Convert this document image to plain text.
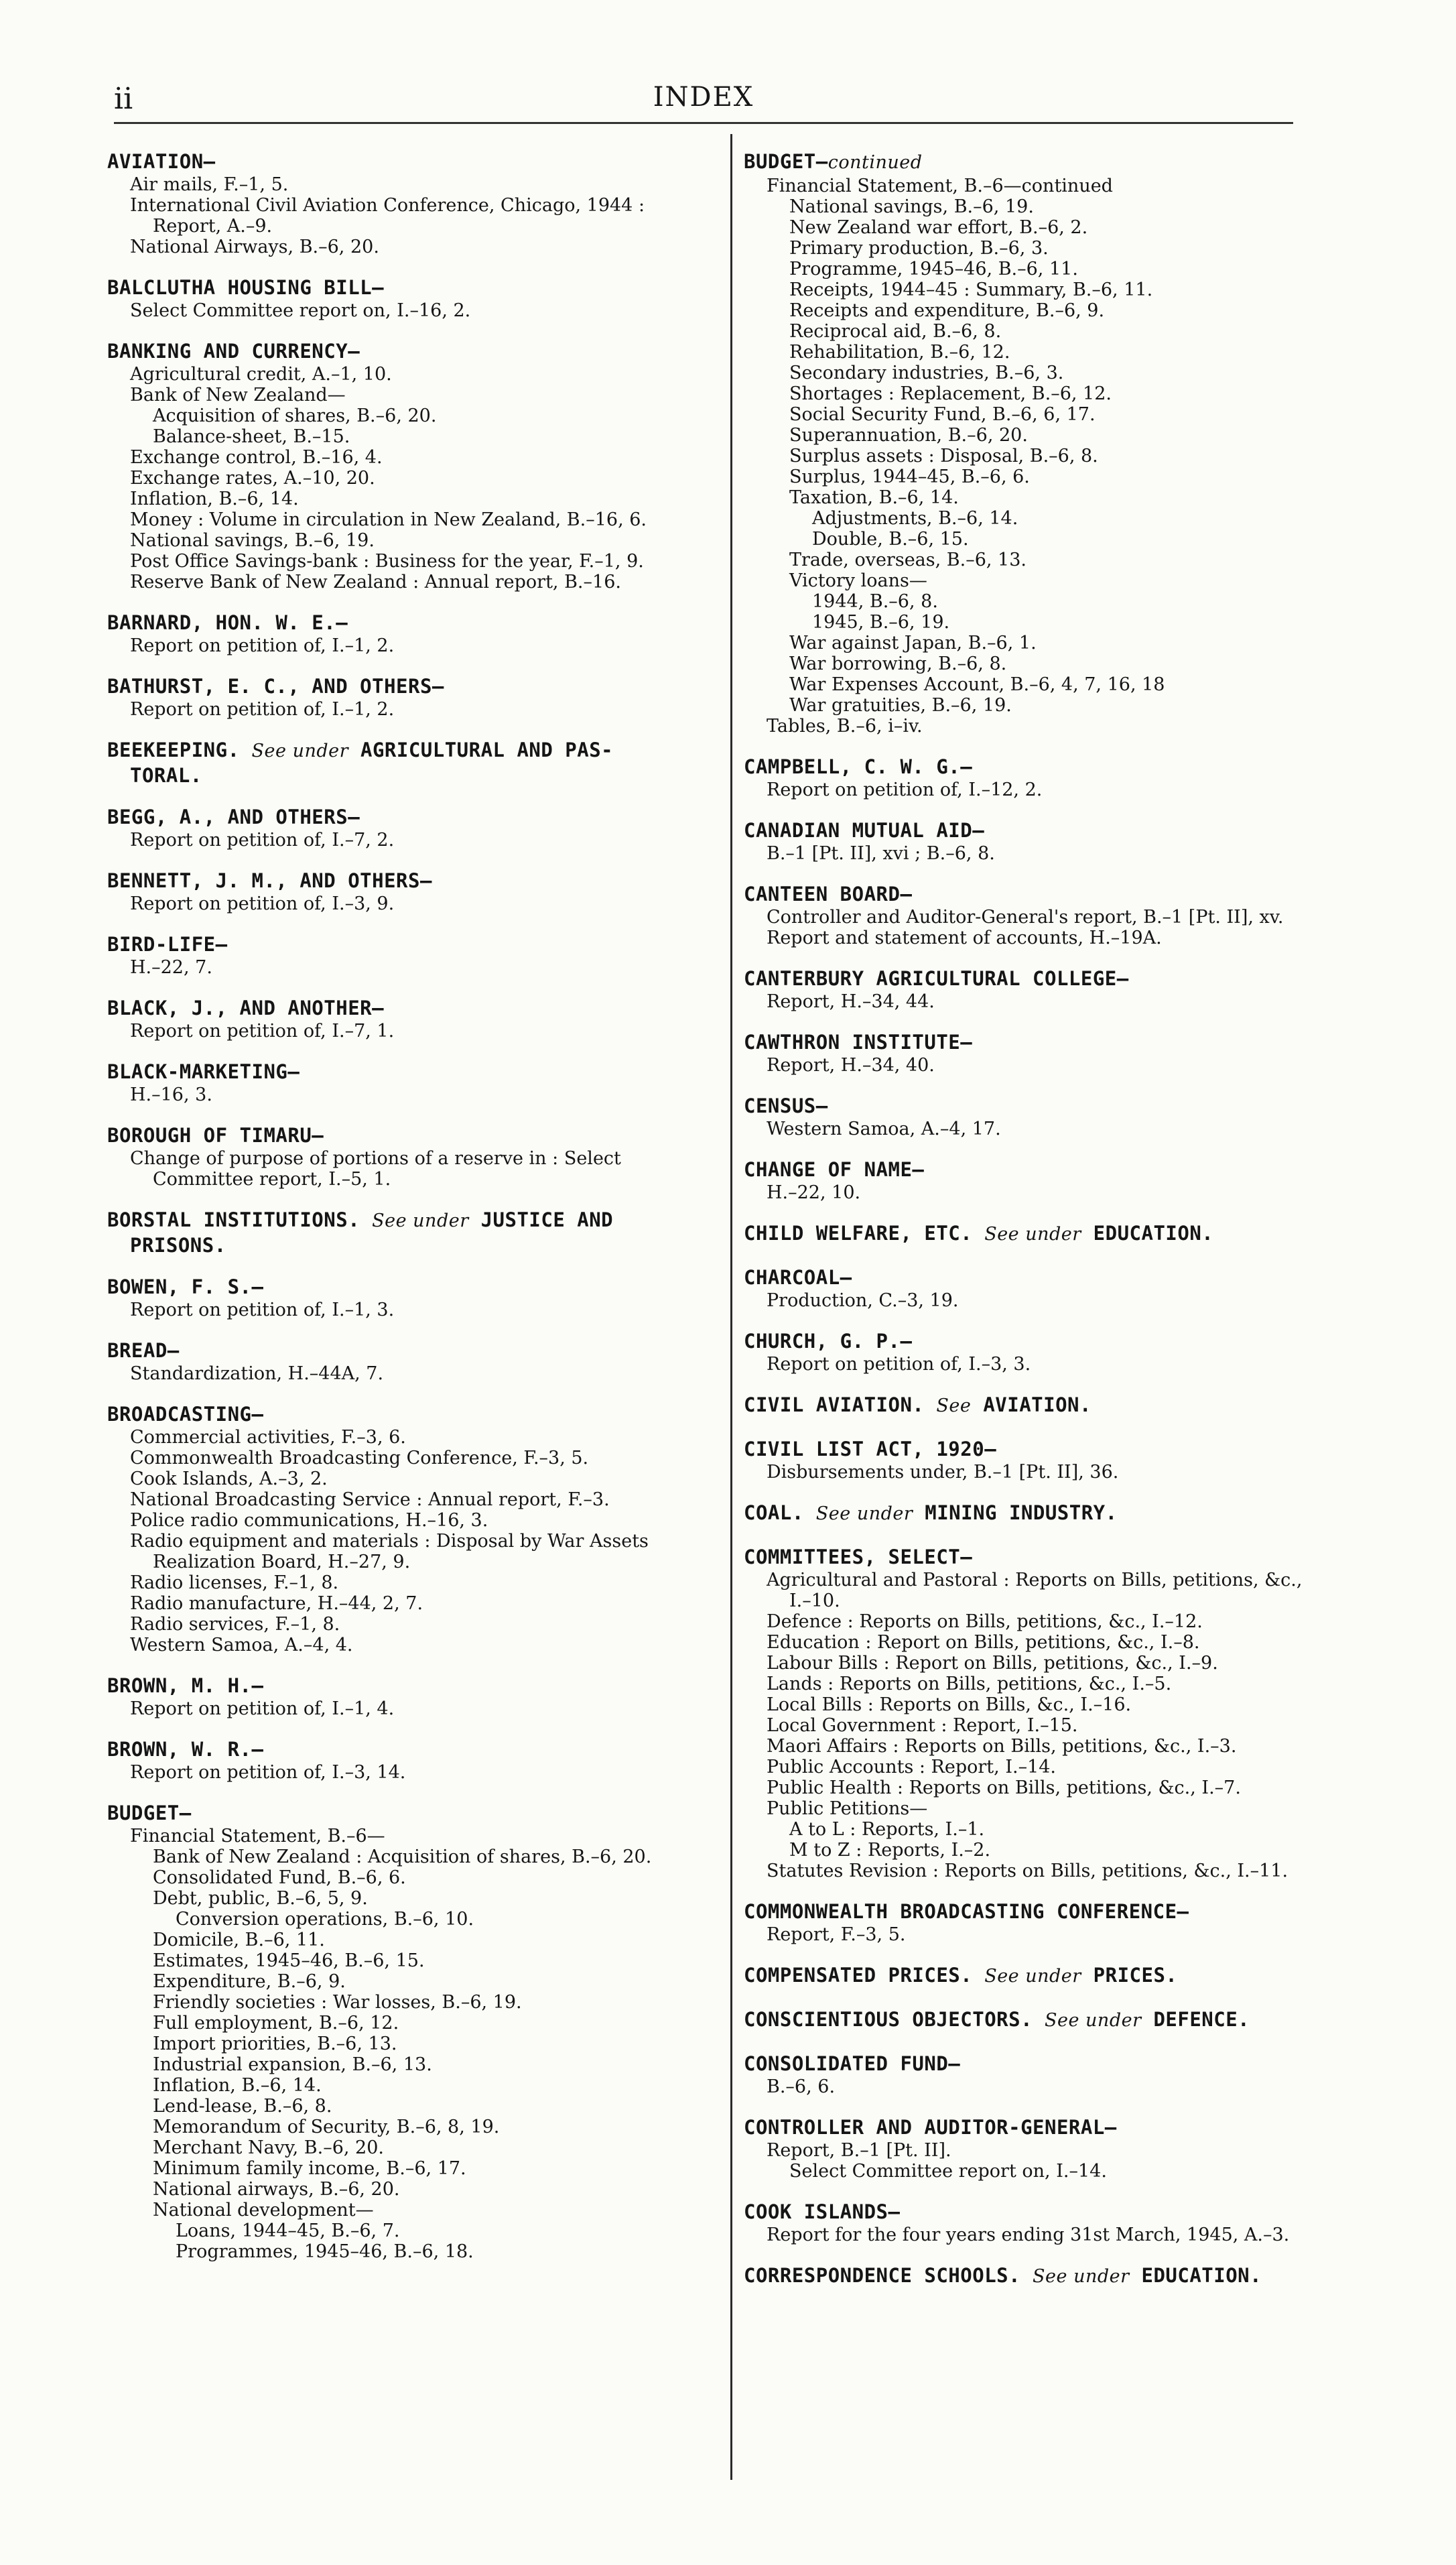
ii	INDEX
AVIATION—
Air mails, F.–1, 5.
International Civil Aviation Conference, Chicago, 1944 :
Report, A.–9.
National Airways, B.–6, 20.
BALCLUTHA HOUSING BILL—
Select Committee report on, I.–16, 2.
BANKING AND CURRENCY—
Agricultural credit, A.–1, 10.
Bank of New Zealand—
Acquisition of shares, B.–6, 20.
Balance-sheet, B.–15.
Exchange control, B.–16, 4.
Exchange rates, A.–10, 20.
Inflation, B.–6, 14.
Money : Volume in circulation in New Zealand, B.–16, 6.
National savings, B.–6, 19.
Post Office Savings-bank : Business for the year, F.–1, 9.
Reserve Bank of New Zealand : Annual report, B.–16.
BARNARD, HON. W. E.—
Report on petition of, I.–1, 2.
BATHURST, E. C., AND OTHERS—
Report on petition of, I.–1, 2.
BEEKEEPING. See under AGRICULTURAL AND PAS-
TORAL.
BEGG, A., AND OTHERS—
Report on petition of, I.–7, 2.
BENNETT, J. M., AND OTHERS—
Report on petition of, I.–3, 9.
BIRD-LIFE—
H.–22, 7.
BLACK, J., AND ANOTHER—
Report on petition of, I.–7, 1.
BLACK-MARKETING—
H.–16, 3.
BOROUGH OF TIMARU—
Change of purpose of portions of a reserve in : Select
Committee report, I.–5, 1.
BORSTAL INSTITUTIONS. See under JUSTICE AND
PRISONS.
BOWEN, F. S.—
Report on petition of, I.–1, 3.
BREAD—
Standardization, H.–44A, 7.
BROADCASTING—
Commercial activities, F.–3, 6.
Commonwealth Broadcasting Conference, F.–3, 5.
Cook Islands, A.–3, 2.
National Broadcasting Service : Annual report, F.–3.
Police radio communications, H.–16, 3.
Radio equipment and materials : Disposal by War Assets
Realization Board, H.–27, 9.
Radio licenses, F.–1, 8.
Radio manufacture, H.–44, 2, 7.
Radio services, F.–1, 8.
Western Samoa, A.–4, 4.
BROWN, M. H.—
Report on petition of, I.–1, 4.
BROWN, W. R.—
Report on petition of, I.–3, 14.
BUDGET—
Financial Statement, B.–6—
Bank of New Zealand : Acquisition of shares, B.–6, 20.
Consolidated Fund, B.–6, 6.
Debt, public, B.–6, 5, 9.
Conversion operations, B.–6, 10.
Domicile, B.–6, 11.
Estimates, 1945–46, B.–6, 15.
Expenditure, B.–6, 9.
Friendly societies : War losses, B.–6, 19.
Full employment, B.–6, 12.
Import priorities, B.–6, 13.
Industrial expansion, B.–6, 13.
Inflation, B.–6, 14.
Lend-lease, B.–6, 8.
Memorandum of Security, B.–6, 8, 19.
Merchant Navy, B.–6, 20.
Minimum family income, B.–6, 17.
National airways, B.–6, 20.
National development—
Loans, 1944–45, B.–6, 7.
Programmes, 1945–46, B.–6, 18.
BUDGET—continued
Financial Statement, B.–6—continued
National savings, B.–6, 19.
New Zealand war effort, B.–6, 2.
Primary production, B.–6, 3.
Programme, 1945–46, B.–6, 11.
Receipts, 1944–45 : Summary, B.–6, 11.
Receipts and expenditure, B.–6, 9.
Reciprocal aid, B.–6, 8.
Rehabilitation, B.–6, 12.
Secondary industries, B.–6, 3.
Shortages : Replacement, B.–6, 12.
Social Security Fund, B.–6, 6, 17.
Superannuation, B.–6, 20.
Surplus assets : Disposal, B.–6, 8.
Surplus, 1944–45, B.–6, 6.
Taxation, B.–6, 14.
Adjustments, B.–6, 14.
Double, B.–6, 15.
Trade, overseas, B.–6, 13.
Victory loans—
1944, B.–6, 8.
1945, B.–6, 19.
War against Japan, B.–6, 1.
War borrowing, B.–6, 8.
War Expenses Account, B.–6, 4, 7, 16, 18
War gratuities, B.–6, 19.
Tables, B.–6, i–iv.
CAMPBELL, C. W. G.—
Report on petition of, I.–12, 2.
CANADIAN MUTUAL AID—
B.–1 [Pt. II], xvi ; B.–6, 8.
CANTEEN BOARD—
Controller and Auditor-General's report, B.–1 [Pt. II], xv.
Report and statement of accounts, H.–19A.
CANTERBURY AGRICULTURAL COLLEGE—
Report, H.–34, 44.
CAWTHRON INSTITUTE—
Report, H.–34, 40.
CENSUS—
Western Samoa, A.–4, 17.
CHANGE OF NAME—
H.–22, 10.
CHILD WELFARE, ETC. See under EDUCATION.
CHARCOAL—
Production, C.–3, 19.
CHURCH, G. P.—
Report on petition of, I.–3, 3.
CIVIL AVIATION. See AVIATION.
CIVIL LIST ACT, 1920—
Disbursements under, B.–1 [Pt. II], 36.
COAL. See under MINING INDUSTRY.
COMMITTEES, SELECT—
Agricultural and Pastoral : Reports on Bills, petitions, &c.,
I.–10.
Defence : Reports on Bills, petitions, &c., I.–12.
Education : Report on Bills, petitions, &c., I.–8.
Labour Bills : Report on Bills, petitions, &c., I.–9.
Lands : Reports on Bills, petitions, &c., I.–5.
Local Bills : Reports on Bills, &c., I.–16.
Local Government : Report, I.–15.
Maori Affairs : Reports on Bills, petitions, &c., I.–3.
Public Accounts : Report, I.–14.
Public Health : Reports on Bills, petitions, &c., I.–7.
Public Petitions—
A to L : Reports, I.–1.
M to Z : Reports, I.–2.
Statutes Revision : Reports on Bills, petitions, &c., I.–11.
COMMONWEALTH BROADCASTING CONFERENCE—
Report, F.–3, 5.
COMPENSATED PRICES. See under PRICES.
CONSCIENTIOUS OBJECTORS. See under DEFENCE.
CONSOLIDATED FUND—
B.–6, 6.
CONTROLLER AND AUDITOR-GENERAL—
Report, B.–1 [Pt. II].
Select Committee report on, I.–14.
COOK ISLANDS—
Report for the four years ending 31st March, 1945, A.–3.
CORRESPONDENCE SCHOOLS. See under EDUCATION.
